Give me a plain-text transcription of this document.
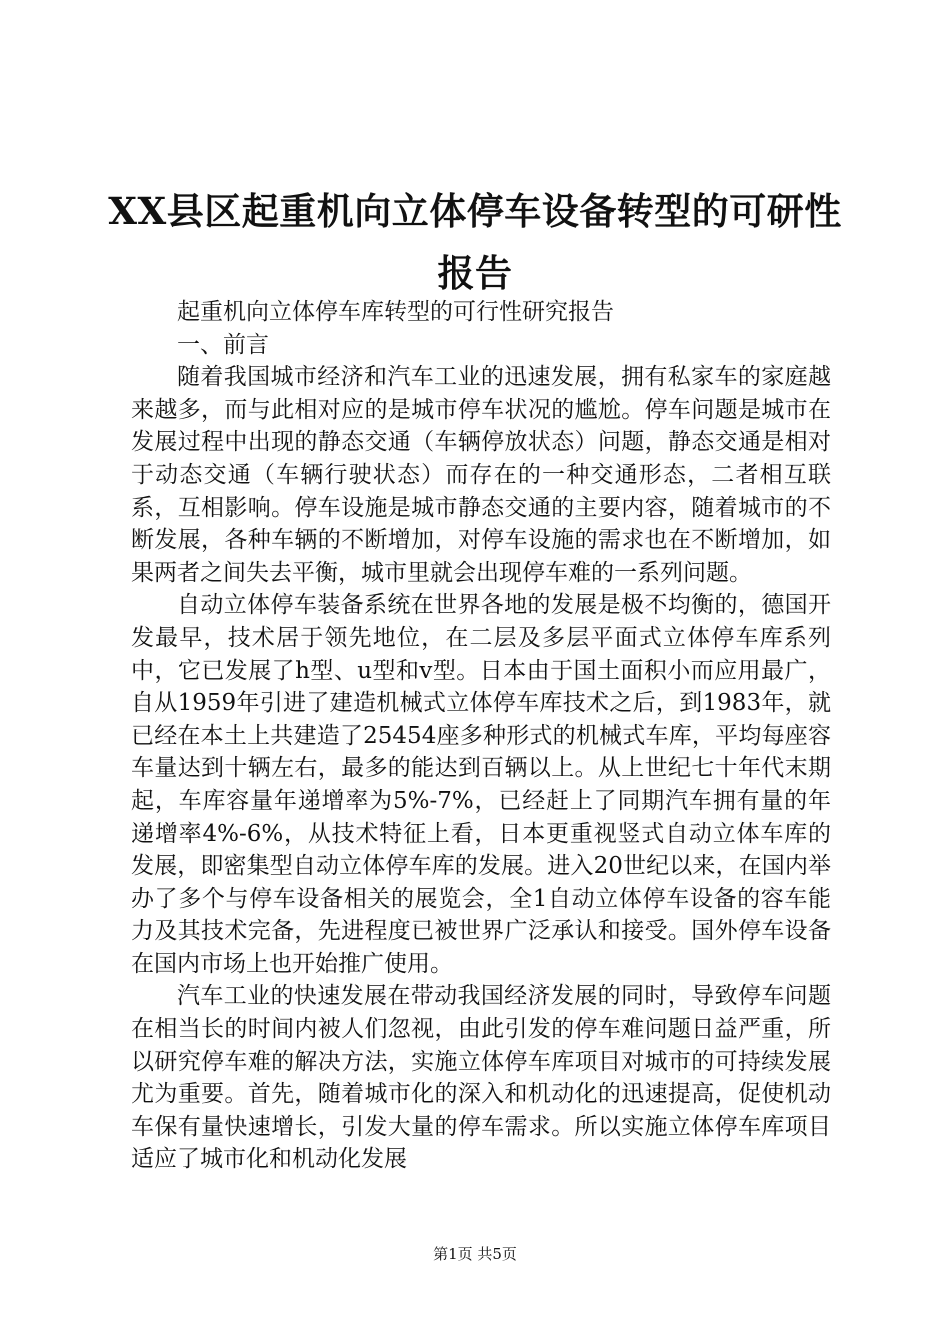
XX县区起重机向立体停车设备转型的可研性报告

起重机向立体停车库转型的可行性研究报告

一、前言

随着我国城市经济和汽车工业的迅速发展，拥有私家车的家庭越来越多，而与此相对应的是城市停车状况的尴尬。停车问题是城市在发展过程中出现的静态交通（车辆停放状态）问题，静态交通是相对于动态交通（车辆行驶状态）而存在的一种交通形态，二者相互联系，互相影响。停车设施是城市静态交通的主要内容，随着城市的不断发展，各种车辆的不断增加，对停车设施的需求也在不断增加，如果两者之间失去平衡，城市里就会出现停车难的一系列问题。

自动立体停车装备系统在世界各地的发展是极不均衡的，德国开发最早，技术居于领先地位，在二层及多层平面式立体停车库系列中，它已发展了h型、u型和v型。日本由于国土面积小而应用最广，自从1959年引进了建造机械式立体停车库技术之后，到1983年，就已经在本土上共建造了25454座多种形式的机械式车库，平均每座容车量达到十辆左右，最多的能达到百辆以上。从上世纪七十年代末期起，车库容量年递增率为5%-7%，已经赶上了同期汽车拥有量的年递增率4%-6%，从技术特征上看，日本更重视竖式自动立体车库的发展，即密集型自动立体停车库的发展。进入20世纪以来，在国内举办了多个与停车设备相关的展览会，全1自动立体停车设备的容车能力及其技术完备，先进程度已被世界广泛承认和接受。国外停车设备在国内市场上也开始推广使用。

汽车工业的快速发展在带动我国经济发展的同时，导致停车问题在相当长的时间内被人们忽视，由此引发的停车难问题日益严重，所以研究停车难的解决方法，实施立体停车库项目对城市的可持续发展尤为重要。首先，随着城市化的深入和机动化的迅速提高，促使机动车保有量快速增长，引发大量的停车需求。所以实施立体停车库项目适应了城市化和机动化发展

第1页 共5页
